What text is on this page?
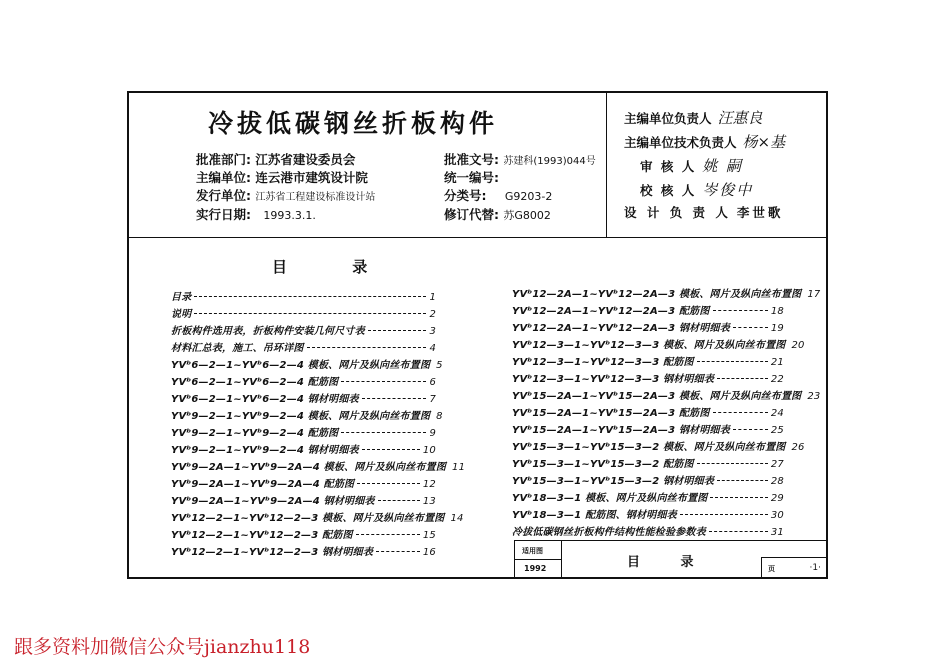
冷拔低碳钢丝折板构件
批准部门: 江苏省建设委员会
主编单位: 连云港市建筑设计院
发行单位: 江苏省工程建设标准设计站
实行日期: 1993.3.1.
批准文号: 苏建科(1993)044号
统一编号:
分类号: G9203-2
修订代替: 苏G8002
主编单位负责人 汪惠良
主编单位技术负责人 杨×基
审 核 人 姚 嗣
校 核 人 岑俊中
设 计 负 责 人 李世歌
目 录
目录	1
说明	2
折板构件选用表，折板构件安装几何尺寸表	3
材料汇总表，施工、吊环详图	4
YVᵇ6—2—1~YVᵇ6—2—4 模板、网片及纵向丝布置图 5
YVᵇ6—2—1~YVᵇ6—2—4 配筋图	6
YVᵇ6—2—1~YVᵇ6—2—4 钢材明细表	7
YVᵇ9—2—1~YVᵇ9—2—4 模板、网片及纵向丝布置图 8
YVᵇ9—2—1~YVᵇ9—2—4 配筋图	9
YVᵇ9—2—1~YVᵇ9—2—4 钢材明细表	10
YVᵇ9—2A—1~YVᵇ9—2A—4 模板、网片及纵向丝布置图 11
YVᵇ9—2A—1~YVᵇ9—2A—4 配筋图	12
YVᵇ9—2A—1~YVᵇ9—2A—4 钢材明细表	13
YVᵇ12—2—1~YVᵇ12—2—3 模板、网片及纵向丝布置图 14
YVᵇ12—2—1~YVᵇ12—2—3 配筋图	15
YVᵇ12—2—1~YVᵇ12—2—3 钢材明细表	16
YVᵇ12—2A—1~YVᵇ12—2A—3 模板、网片及纵向丝布置图 17
YVᵇ12—2A—1~YVᵇ12—2A—3 配筋图	18
YVᵇ12—2A—1~YVᵇ12—2A—3 钢材明细表	19
YVᵇ12—3—1~YVᵇ12—3—3 模板、网片及纵向丝布置图 20
YVᵇ12—3—1~YVᵇ12—3—3 配筋图	21
YVᵇ12—3—1~YVᵇ12—3—3 钢材明细表	22
YVᵇ15—2A—1~YVᵇ15—2A—3 模板、网片及纵向丝布置图 23
YVᵇ15—2A—1~YVᵇ15—2A—3 配筋图	24
YVᵇ15—2A—1~YVᵇ15—2A—3 钢材明细表	25
YVᵇ15—3—1~YVᵇ15—3—2 模板、网片及纵向丝布置图 26
YVᵇ15—3—1~YVᵇ15—3—2 配筋图	27
YVᵇ15—3—1~YVᵇ15—3—2 钢材明细表	28
YVᵇ18—3—1 模板、网片及纵向丝布置图	29
YVᵇ18—3—1 配筋图、钢材明细表	30
冷拔低碳钢丝折板构件结构性能检验参数表	31
适用图
1992	目 录	页	·1·
跟多资料加微信公众号jianzhu118
